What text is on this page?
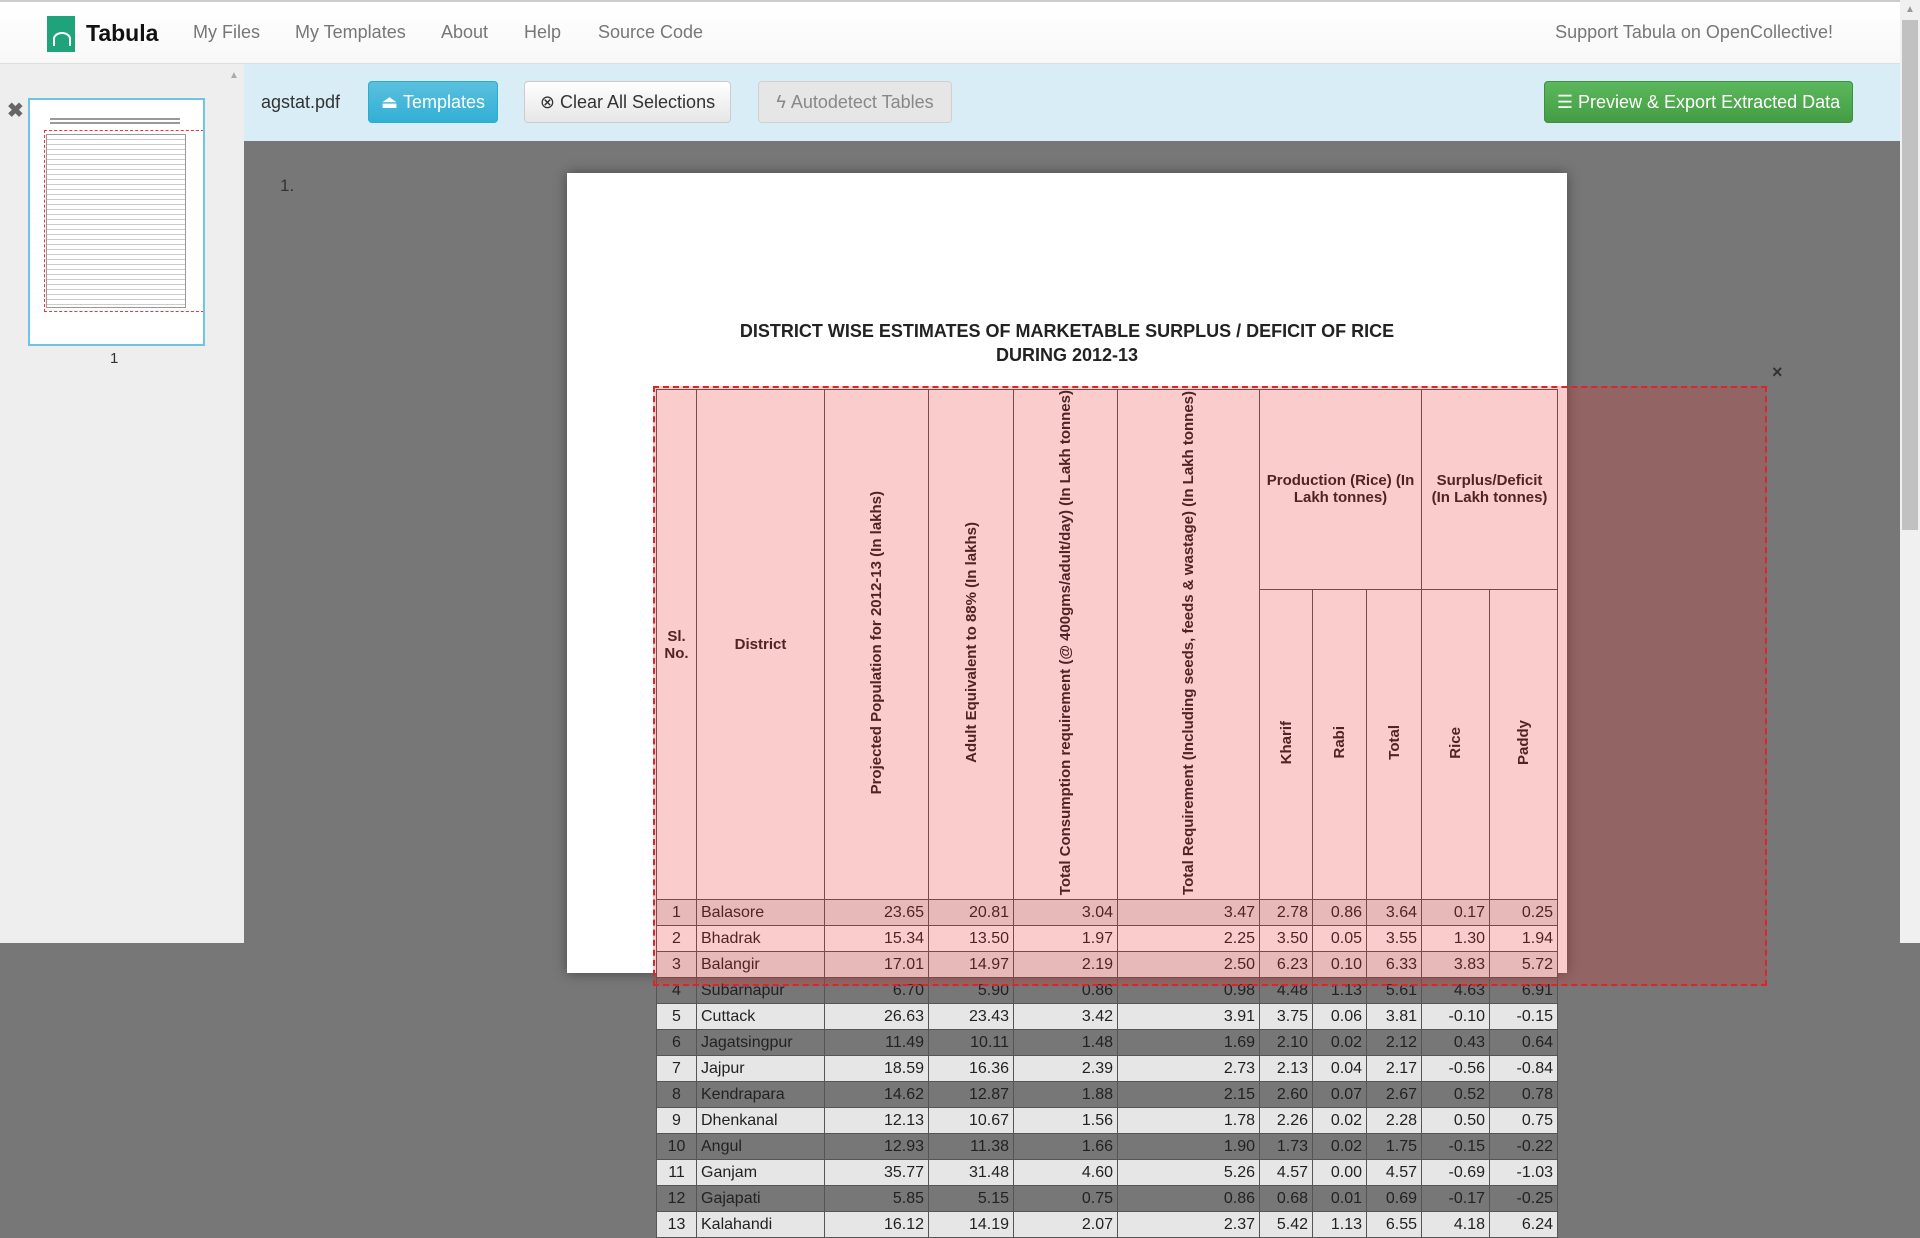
Tabula My Files My Templates About Help Source Code	Support Tabula on OpenCollective!
✖
1
▲
agstat.pdf ⏏ Templates	⊗ Clear All Selections	ϟ Autodetect Tables	☰ Preview & Export Extracted Data
1.
DISTRICT WISE ESTIMATES OF MARKETABLE SURPLUS / DEFICIT OF RICE
DURING 2012-13
Sl. No.	District	Projected Population for 2012-13 (In lakhs)	Adult Equivalent to 88% (In lakhs)	Total Consumption requirement (@ 400gms/adult/day) (In Lakh tonnes)	Total Requirement (Including seeds, feeds & wastage) (In Lakh tonnes)	Production (Rice) (In Lakh tonnes)			Surplus/Deficit (In Lakh tonnes)	
						Kharif	Rabi	Total	Rice	Paddy
1	Balasore	23.65	20.81	3.04	3.47	2.78	0.86	3.64	0.17	0.25
2	Bhadrak	15.34	13.50	1.97	2.25	3.50	0.05	3.55	1.30	1.94
3	Balangir	17.01	14.97	2.19	2.50	6.23	0.10	6.33	3.83	5.72
4	Subarnapur	6.70	5.90	0.86	0.98	4.48	1.13	5.61	4.63	6.91
5	Cuttack	26.63	23.43	3.42	3.91	3.75	0.06	3.81	-0.10	-0.15
6	Jagatsingpur	11.49	10.11	1.48	1.69	2.10	0.02	2.12	0.43	0.64
7	Jajpur	18.59	16.36	2.39	2.73	2.13	0.04	2.17	-0.56	-0.84
8	Kendrapara	14.62	12.87	1.88	2.15	2.60	0.07	2.67	0.52	0.78
9	Dhenkanal	12.13	10.67	1.56	1.78	2.26	0.02	2.28	0.50	0.75
10	Angul	12.93	11.38	1.66	1.90	1.73	0.02	1.75	-0.15	-0.22
11	Ganjam	35.77	31.48	4.60	5.26	4.57	0.00	4.57	-0.69	-1.03
12	Gajapati	5.85	5.15	0.75	0.86	0.68	0.01	0.69	-0.17	-0.25
13	Kalahandi	16.12	14.19	2.07	2.37	5.42	1.13	6.55	4.18	6.24
×
▲
